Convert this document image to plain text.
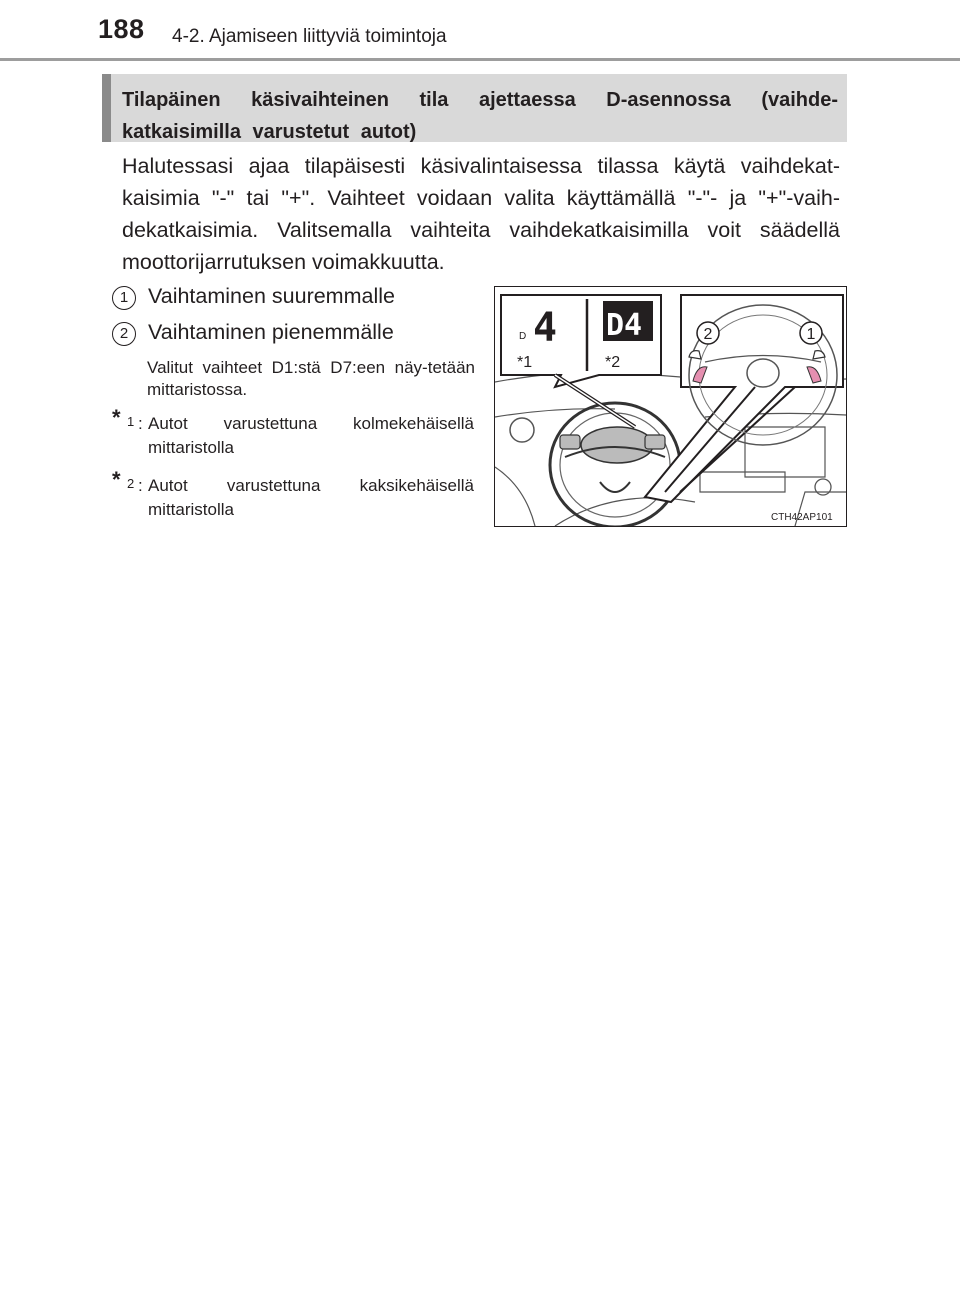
188 4-2. Ajamiseen liittyviä toimintoja
Tilapäinen käsivaihteinen tila ajettaessa D-asennossa (vaihde-katkaisimilla varustetut autot)
Halutessasi ajaa tilapäisesti käsivalintaisessa tilassa käytä vaihdekat-kaisimia "-" tai "+". Vaihteet voidaan valita käyttämällä "-"- ja "+"-vaih-dekatkaisimia. Valitsemalla vaihteita vaihdekatkaisimilla voit säädellä moottorijarrutuksen voimakkuutta.
1 Vaihtaminen suuremmalle
2 Vaihtaminen pienemmälle
Valitut vaihteet D1:stä D7:een näy-tetään mittaristossa.
* 1 : Autot varustettuna kolmekehäisellä mittaristolla
* 2 : Autot varustettuna kaksikehäisellä mittaristolla
D 4 D4
*1	*2
2	1
CTH42AP101
